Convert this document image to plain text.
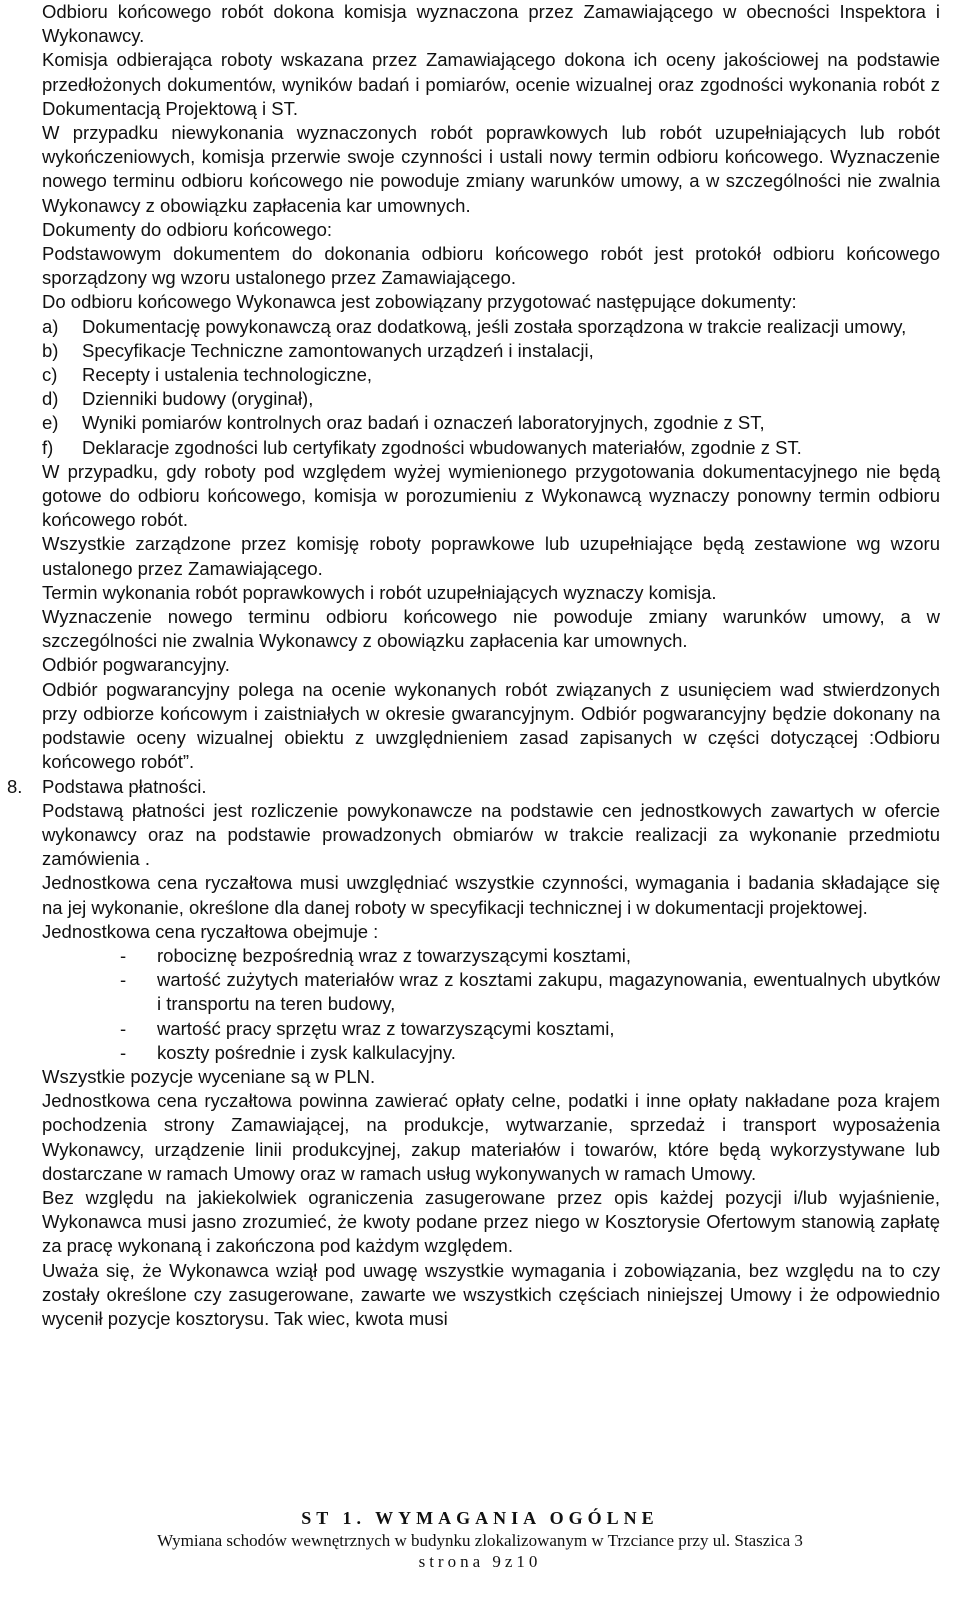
Odbioru końcowego robót dokona komisja wyznaczona przez Zamawiającego w obecności Inspektora i Wykonawcy.

Komisja odbierająca roboty wskazana przez Zamawiającego dokona ich oceny jakościowej na podstawie przedłożonych dokumentów, wyników badań i pomiarów, ocenie wizualnej oraz zgodności wykonania robót z Dokumentacją Projektową i ST.

W przypadku niewykonania wyznaczonych robót poprawkowych lub robót uzupełniających lub robót wykończeniowych, komisja przerwie swoje czynności i ustali nowy termin odbioru końcowego. Wyznaczenie nowego terminu odbioru końcowego nie powoduje zmiany warunków umowy, a w szczególności nie zwalnia Wykonawcy z obowiązku zapłacenia kar umownych.

Dokumenty do odbioru końcowego:

Podstawowym dokumentem do dokonania odbioru końcowego robót jest protokół odbioru końcowego sporządzony wg wzoru ustalonego przez Zamawiającego.

Do odbioru końcowego Wykonawca jest zobowiązany przygotować następujące dokumenty:

a) Dokumentację powykonawczą oraz dodatkową, jeśli została sporządzona w trakcie realizacji umowy,
b) Specyfikacje Techniczne zamontowanych urządzeń i instalacji,
c) Recepty i ustalenia technologiczne,
d) Dzienniki budowy (oryginał),
e) Wyniki pomiarów kontrolnych oraz badań i oznaczeń laboratoryjnych, zgodnie z ST,
f) Deklaracje zgodności lub certyfikaty zgodności wbudowanych materiałów, zgodnie z ST.

W przypadku, gdy roboty pod względem wyżej wymienionego przygotowania dokumentacyjnego nie będą gotowe do odbioru końcowego, komisja w porozumieniu z Wykonawcą wyznaczy ponowny termin odbioru końcowego robót.

Wszystkie zarządzone przez komisję roboty poprawkowe lub uzupełniające będą zestawione wg wzoru ustalonego przez Zamawiającego.

Termin wykonania robót poprawkowych i robót uzupełniających wyznaczy komisja.

Wyznaczenie nowego terminu odbioru końcowego nie powoduje zmiany warunków umowy, a w szczególności nie zwalnia Wykonawcy z obowiązku zapłacenia kar umownych.

Odbiór pogwarancyjny.

Odbiór pogwarancyjny polega na ocenie wykonanych robót związanych z usunięciem wad stwierdzonych przy odbiorze końcowym i zaistniałych w okresie gwarancyjnym. Odbiór pogwarancyjny będzie dokonany na podstawie oceny wizualnej obiektu z uwzględnieniem zasad zapisanych w części dotyczącej :Odbioru końcowego robót”.

8. Podstawa płatności.

Podstawą płatności jest rozliczenie powykonawcze na podstawie cen jednostkowych zawartych w ofercie wykonawcy oraz na podstawie prowadzonych obmiarów w trakcie realizacji za wykonanie przedmiotu zamówienia .

Jednostkowa cena ryczałtowa musi uwzględniać wszystkie czynności, wymagania i badania składające się na jej wykonanie, określone dla danej roboty w specyfikacji technicznej i w dokumentacji projektowej.

Jednostkowa cena ryczałtowa obejmuje :

- robociznę bezpośrednią wraz z towarzyszącymi kosztami,
- wartość zużytych materiałów wraz z kosztami zakupu, magazynowania, ewentualnych ubytków i transportu na teren budowy,
- wartość pracy sprzętu wraz z towarzyszącymi kosztami,
- koszty pośrednie i zysk kalkulacyjny.

Wszystkie pozycje wyceniane są w PLN.

Jednostkowa cena ryczałtowa powinna zawierać opłaty celne, podatki i inne opłaty nakładane poza krajem pochodzenia strony Zamawiającej, na produkcje, wytwarzanie, sprzedaż i transport wyposażenia Wykonawcy, urządzenie linii produkcyjnej, zakup materiałów i towarów, które będą wykorzystywane lub dostarczane w ramach Umowy oraz w ramach usług wykonywanych w ramach Umowy.

Bez względu na jakiekolwiek ograniczenia zasugerowane przez opis każdej pozycji i/lub wyjaśnienie, Wykonawca musi jasno zrozumieć, że kwoty podane przez niego w Kosztorysie Ofertowym stanowią zapłatę za pracę wykonaną i zakończona pod każdym względem.

Uważa się, że Wykonawca wziął pod uwagę wszystkie wymagania i zobowiązania, bez względu na to czy zostały określone czy zasugerowane, zawarte we wszystkich częściach niniejszej Umowy i że odpowiednio wycenił pozycje kosztorysu. Tak wiec, kwota musi

ST 1. WYMAGANIA OGÓLNE
Wymiana schodów wewnętrznych w budynku zlokalizowanym w Trzciance przy ul. Staszica 3
strona 9z10
